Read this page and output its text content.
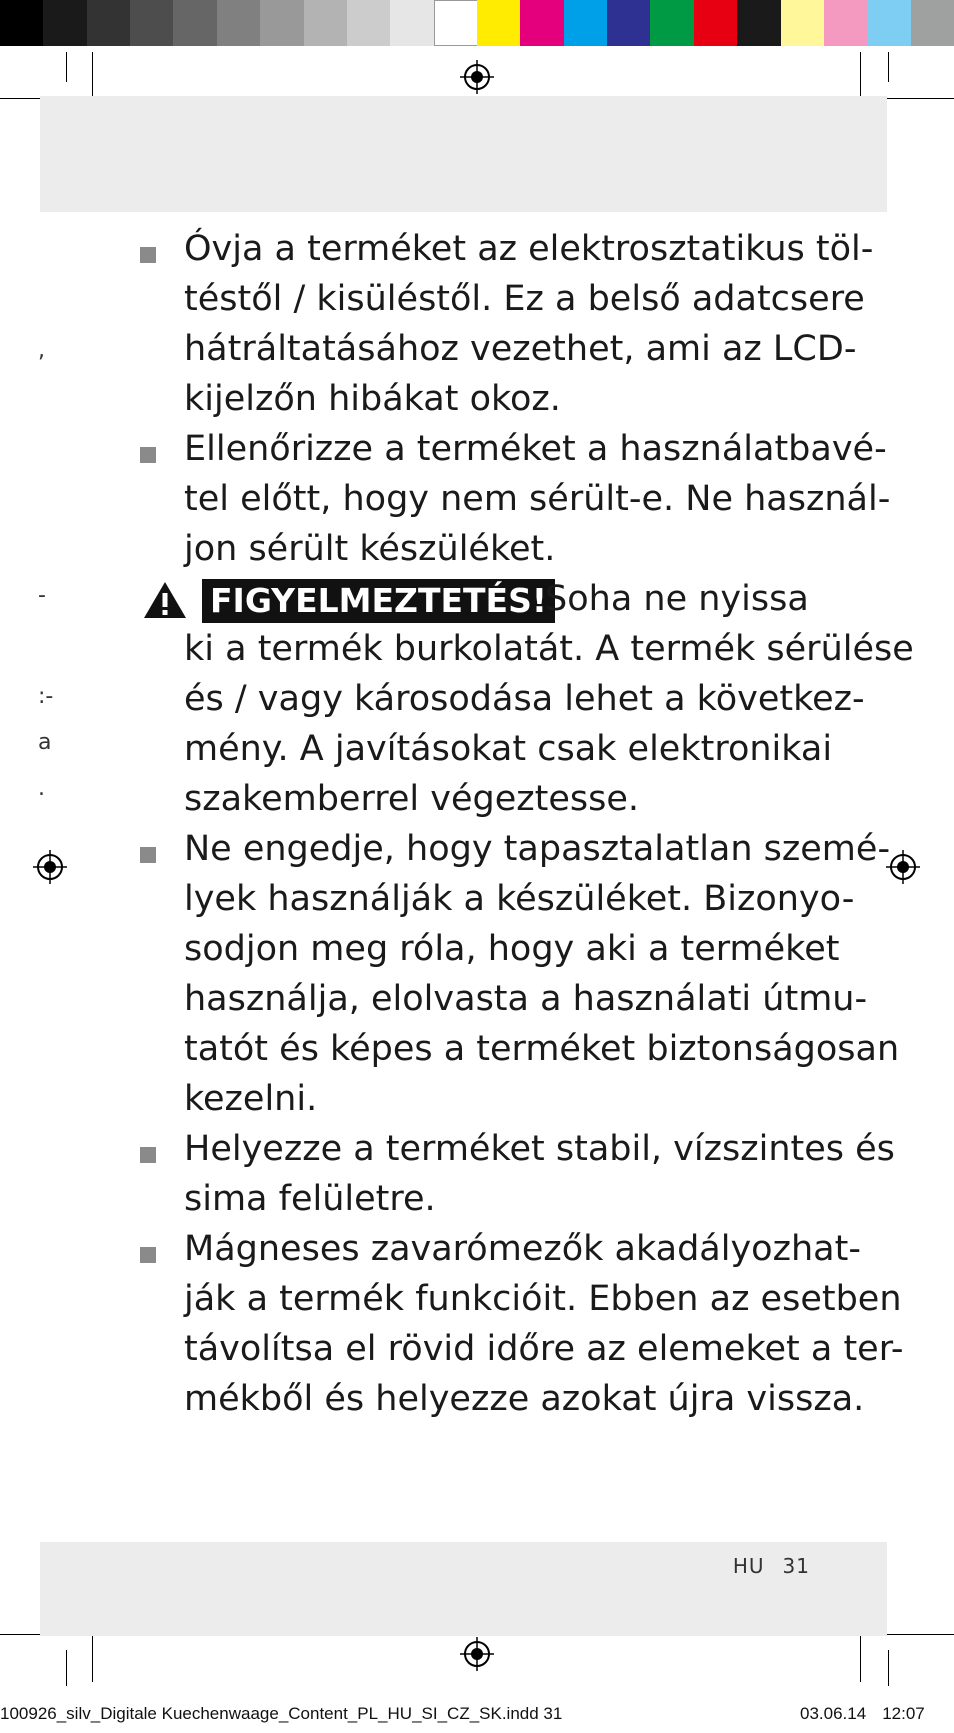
,
-
:-
a
.
Óvja a terméket az elektrosztatikus töl-
téstől / kisüléstől. Ez a belső adatcsere
hátráltatásához vezethet, ami az LCD-
kijelzőn hibákat okoz.
Ellenőrizze a terméket a használatbavé-
tel előtt, hogy nem sérült-e. Ne használ-
jon sérült készüléket.
FIGYELMEZTETÉS!
Soha ne nyissa
ki a termék burkolatát. A termék sérülése
és / vagy károsodása lehet a következ-
mény. A javításokat csak elektronikai
szakemberrel végeztesse.
Ne engedje, hogy tapasztalatlan szemé-
lyek használják a készüléket. Bizonyo-
sodjon meg róla, hogy aki a terméket
használja, elolvasta a használati útmu-
tatót és képes a terméket biztonságosan
kezelni.
Helyezze a terméket stabil, vízszintes és
sima felületre.
Mágneses zavarómezők akadályozhat-
ják a termék funkcióit. Ebben az esetben
távolítsa el rövid időre az elemeket a ter-
mékből és helyezze azokat újra vissza.
HU 31
100926_silv_Digitale Kuechenwaage_Content_PL_HU_SI_CZ_SK.indd 31	03.06.14 12:07
